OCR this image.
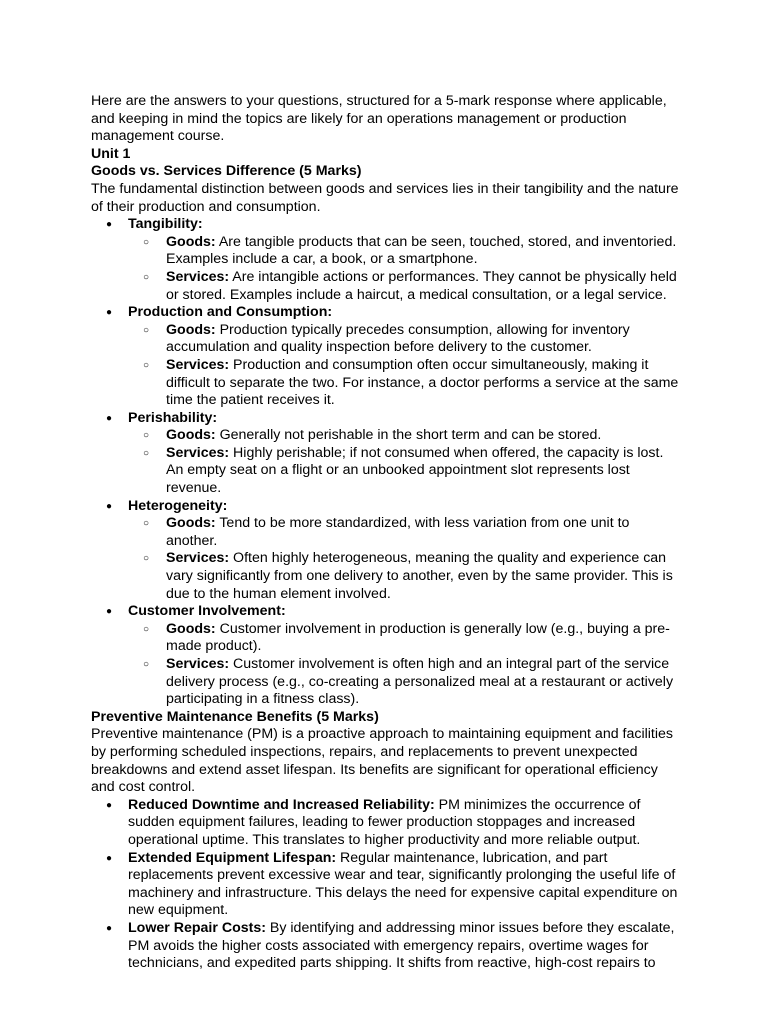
Here are the answers to your questions, structured for a 5-mark response where applicable, and keeping in mind the topics are likely for an operations management or production management course.

Unit 1

Goods vs. Services Difference (5 Marks)

The fundamental distinction between goods and services lies in their tangibility and the nature of their production and consumption.

● Tangibility:
○ Goods: Are tangible products that can be seen, touched, stored, and inventoried. Examples include a car, a book, or a smartphone.
○ Services: Are intangible actions or performances. They cannot be physically held or stored. Examples include a haircut, a medical consultation, or a legal service.
● Production and Consumption:
○ Goods: Production typically precedes consumption, allowing for inventory accumulation and quality inspection before delivery to the customer.
○ Services: Production and consumption often occur simultaneously, making it difficult to separate the two. For instance, a doctor performs a service at the same time the patient receives it.
● Perishability:
○ Goods: Generally not perishable in the short term and can be stored.
○ Services: Highly perishable; if not consumed when offered, the capacity is lost. An empty seat on a flight or an unbooked appointment slot represents lost revenue.
● Heterogeneity:
○ Goods: Tend to be more standardized, with less variation from one unit to another.
○ Services: Often highly heterogeneous, meaning the quality and experience can vary significantly from one delivery to another, even by the same provider. This is due to the human element involved.
● Customer Involvement:
○ Goods: Customer involvement in production is generally low (e.g., buying a pre-made product).
○ Services: Customer involvement is often high and an integral part of the service delivery process (e.g., co-creating a personalized meal at a restaurant or actively participating in a fitness class).

Preventive Maintenance Benefits (5 Marks)

Preventive maintenance (PM) is a proactive approach to maintaining equipment and facilities by performing scheduled inspections, repairs, and replacements to prevent unexpected breakdowns and extend asset lifespan. Its benefits are significant for operational efficiency and cost control.

● Reduced Downtime and Increased Reliability: PM minimizes the occurrence of sudden equipment failures, leading to fewer production stoppages and increased operational uptime. This translates to higher productivity and more reliable output.
● Extended Equipment Lifespan: Regular maintenance, lubrication, and part replacements prevent excessive wear and tear, significantly prolonging the useful life of machinery and infrastructure. This delays the need for expensive capital expenditure on new equipment.
● Lower Repair Costs: By identifying and addressing minor issues before they escalate, PM avoids the higher costs associated with emergency repairs, overtime wages for technicians, and expedited parts shipping. It shifts from reactive, high-cost repairs to
